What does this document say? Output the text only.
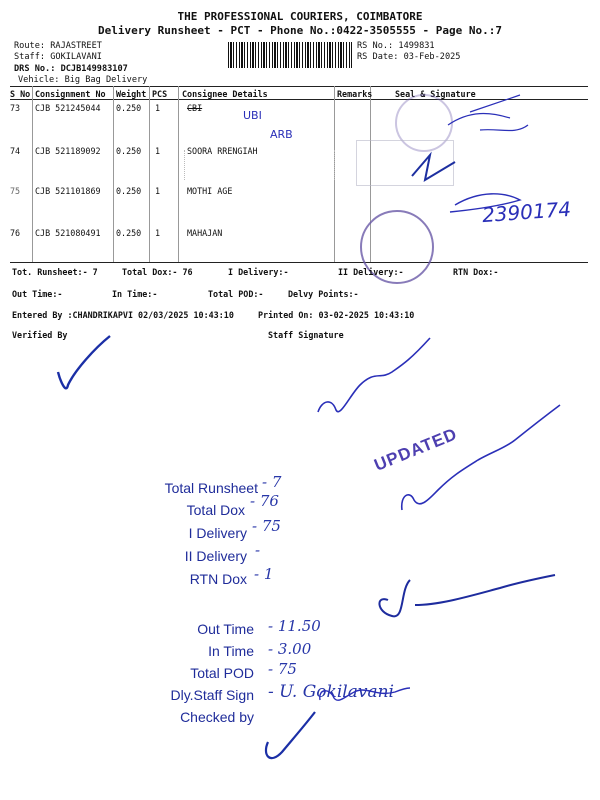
THE PROFESSIONAL COURIERS, COIMBATORE
Delivery Runsheet - PCT - Phone No.:0422-3505555 - Page No.:7
Route: RAJASTREET
Staff: GOKILAVANI
DRS No.: DCJB149983107
Vehicle: Big Bag Delivery
RS No.: 1499831
RS Date: 03-Feb-2025
S No Consignment No Weight PCS Consignee Details	Remarks	Seal & Signature
73 CJB 521245044 0.250 1	CBI
UBI
ARB
74 CJB 521189092 0.250 1	SOORA RRENGIAH
75 CJB 521101869 0.250 1	MOTHI AGE
2390174
76 CJB 521080491 0.250 1	MAHAJAN
Tot. Runsheet:- 7	Total Dox:- 76	I Delivery:-	II Delivery:-	RTN Dox:-
Out Time:-	In Time:-	Total POD:-	Delvy Points:-
Entered By :CHANDRIKAPVI 02/03/2025 10:43:10	Printed On: 03-02-2025 10:43:10
Verified By	Staff Signature
UPDATED
Total Runsheet - 7
Total Dox - 76
I Delivery - 75
II Delivery -
RTN Dox - 1
Out Time - 11.50
In Time - 3.00
Total POD - 75
Dly.Staff Sign - U. Gokilavani
Checked by
